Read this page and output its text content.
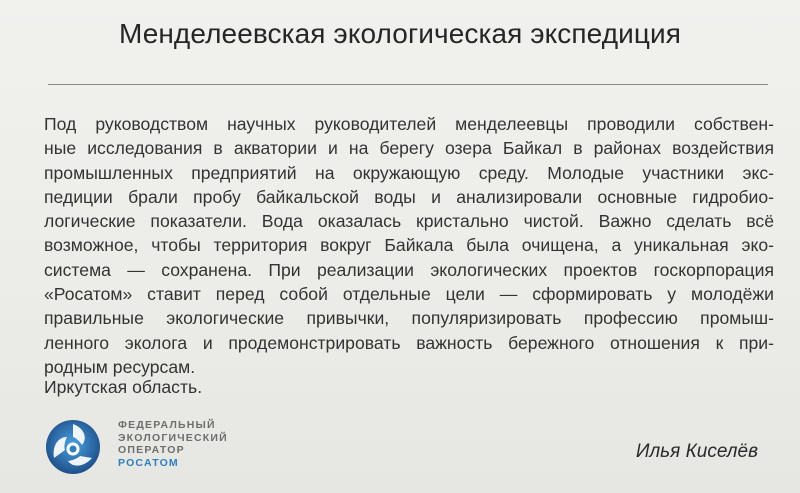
Менделеевская экологическая экспедиция

Под руководством научных руководителей менделеевцы проводили собствен-
ные исследования в акватории и на берегу озера Байкал в районах воздействия
промышленных предприятий на окружающую среду. Молодые участники экс-
педиции брали пробу байкальской воды и анализировали основные гидробио-
логические показатели. Вода оказалась кристально чистой. Важно сделать всё
возможное, чтобы территория вокруг Байкала была очищена, а уникальная эко-
система — сохранена. При реализации экологических проектов госкорпорация
«Росатом» ставит перед собой отдельные цели — сформировать у молодёжи
правильные экологические привычки, популяризировать профессию промыш-
ленного эколога и продемонстрировать важность бережного отношения к при-
родным ресурсам.

Иркутская область.

ФЕДЕРАЛЬНЫЙ
ЭКОЛОГИЧЕСКИЙ
ОПЕРАТОР
РОСАТОМ
Илья Киселёв
